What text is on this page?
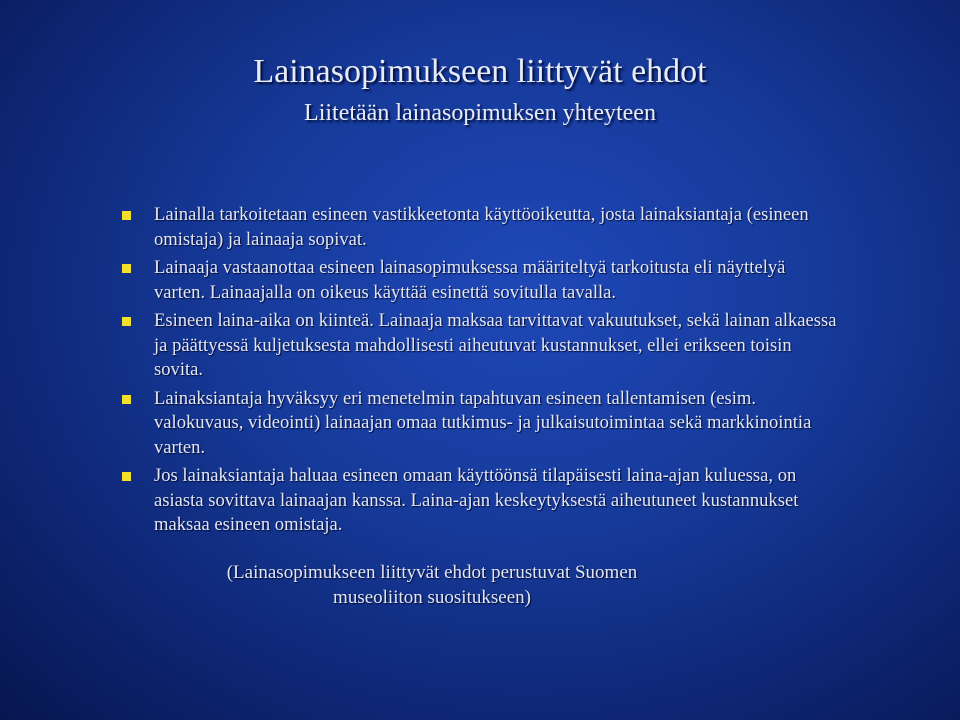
Lainasopimukseen liittyvät ehdot
Liitetään lainasopimuksen yhteyteen
Lainalla tarkoitetaan esineen vastikkeetonta käyttöoikeutta, josta lainaksiantaja (esineen omistaja) ja lainaaja sopivat.
Lainaaja vastaanottaa esineen lainasopimuksessa määriteltyä tarkoitusta eli näyttelyä varten. Lainaajalla on oikeus käyttää esinettä sovitulla tavalla.
Esineen laina-aika on kiinteä. Lainaaja maksaa tarvittavat vakuutukset, sekä lainan alkaessa ja päättyessä kuljetuksesta mahdollisesti aiheutuvat kustannukset, ellei erikseen toisin sovita.
Lainaksiantaja hyväksyy eri menetelmin tapahtuvan esineen tallentamisen (esim. valokuvaus, videointi) lainaajan omaa tutkimus- ja julkaisutoimintaa sekä markkinointia varten.
Jos lainaksiantaja haluaa esineen omaan käyttöönsä tilapäisesti laina-ajan kuluessa, on asiasta sovittava lainaajan kanssa. Laina-ajan keskeytyksestä aiheutuneet kustannukset maksaa esineen omistaja.
(Lainasopimukseen liittyvät ehdot perustuvat Suomen
museoliiton suositukseen)
